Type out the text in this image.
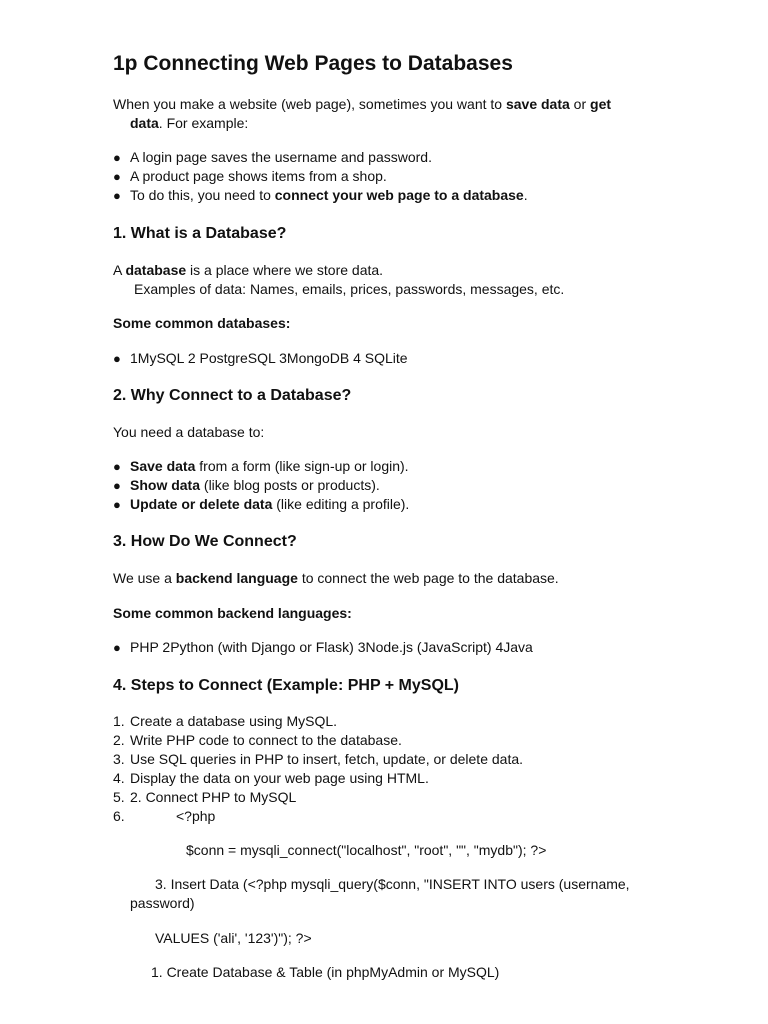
1p Connecting Web Pages to Databases
When you make a website (web page), sometimes you want to save data or get
data. For example:
● A login page saves the username and password.
● A product page shows items from a shop.
● To do this, you need to connect your web page to a database.
1. What is a Database?
A database is a place where we store data.
Examples of data: Names, emails, prices, passwords, messages, etc.
Some common databases:
● 1MySQL 2 PostgreSQL 3MongoDB 4 SQLite
2. Why Connect to a Database?
You need a database to:
● Save data from a form (like sign-up or login).
● Show data (like blog posts or products).
● Update or delete data (like editing a profile).
3. How Do We Connect?
We use a backend language to connect the web page to the database.
Some common backend languages:
● PHP 2Python (with Django or Flask) 3Node.js (JavaScript) 4Java
4. Steps to Connect (Example: PHP + MySQL)
1. Create a database using MySQL.
2. Write PHP code to connect to the database.
3. Use SQL queries in PHP to insert, fetch, update, or delete data.
4. Display the data on your web page using HTML.
5. 2. Connect PHP to MySQL
6.	<?php
$conn = mysqli_connect("localhost", "root", "", "mydb"); ?>
3. Insert Data (<?php mysqli_query($conn, "INSERT INTO users (username,
password)
VALUES ('ali', '123')"); ?>
1. Create Database & Table (in phpMyAdmin or MySQL)
